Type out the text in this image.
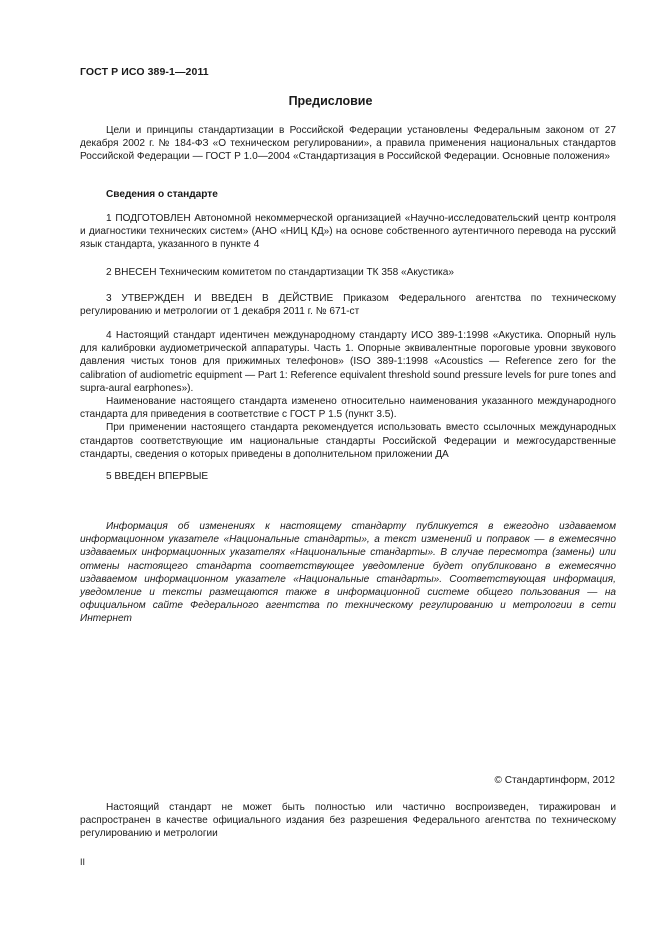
ГОСТ Р ИСО 389-1—2011
Предисловие

Цели и принципы стандартизации в Российской Федерации установлены Федеральным законом от 27 декабря 2002 г. № 184-ФЗ «О техническом регулировании», а правила применения национальных стандартов Российской Федерации — ГОСТ Р 1.0—2004 «Стандартизация в Российской Федерации. Основные положения»

Сведения о стандарте

1 ПОДГОТОВЛЕН Автономной некоммерческой организацией «Научно-исследовательский центр контроля и диагностики технических систем» (АНО «НИЦ КД») на основе собственного аутентичного перевода на русский язык стандарта, указанного в пункте 4

2 ВНЕСЕН Техническим комитетом по стандартизации ТК 358 «Акустика»

3 УТВЕРЖДЕН И ВВЕДЕН В ДЕЙСТВИЕ Приказом Федерального агентства по техническому регулированию и метрологии от 1 декабря 2011 г. № 671-ст

4 Настоящий стандарт идентичен международному стандарту ИСО 389-1:1998 «Акустика. Опорный нуль для калибровки аудиометрической аппаратуры. Часть 1. Опорные эквивалентные пороговые уровни звукового давления чистых тонов для прижимных телефонов» (ISO 389-1:1998 «Acoustics — Reference zero for the calibration of audiometric equipment — Part 1: Reference equivalent threshold sound pressure levels for pure tones and supra-aural earphones»).

Наименование настоящего стандарта изменено относительно наименования указанного международного стандарта для приведения в соответствие с ГОСТ Р 1.5 (пункт 3.5).

При применении настоящего стандарта рекомендуется использовать вместо ссылочных международных стандартов соответствующие им национальные стандарты Российской Федерации и межгосударственные стандарты, сведения о которых приведены в дополнительном приложении ДА

5 ВВЕДЕН ВПЕРВЫЕ

Информация об изменениях к настоящему стандарту публикуется в ежегодно издаваемом информационном указателе «Национальные стандарты», а текст изменений и поправок — в ежемесячно издаваемых информационных указателях «Национальные стандарты». В случае пересмотра (замены) или отмены настоящего стандарта соответствующее уведомление будет опубликовано в ежемесячно издаваемом информационном указателе «Национальные стандарты». Соответствующая информация, уведомление и тексты размещаются также в информационной системе общего пользования — на официальном сайте Федерального агентства по техническому регулированию и метрологии в сети Интернет

© Стандартинформ, 2012

Настоящий стандарт не может быть полностью или частично воспроизведен, тиражирован и распространен в качестве официального издания без разрешения Федерального агентства по техническому регулированию и метрологии

II
